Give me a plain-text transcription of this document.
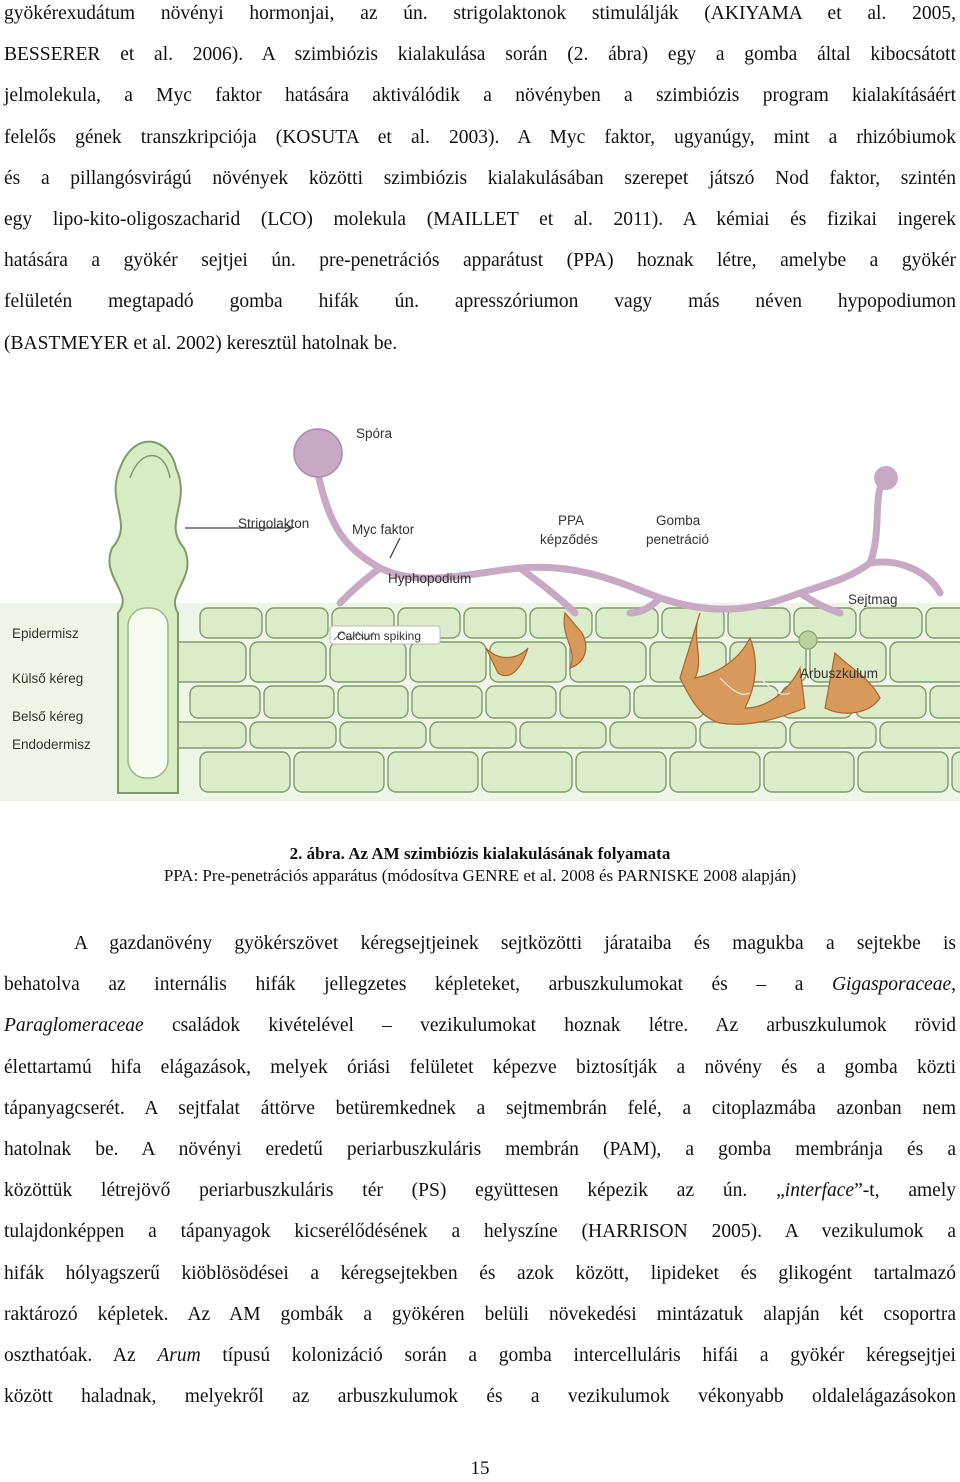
gyökérexudátum növényi hormonjai, az ún. strigolaktonok stimulálják (AKIYAMA et al. 2005,
BESSERER et al. 2006). A szimbiózis kialakulása során (2. ábra) egy a gomba által kibocsátott
jelmolekula, a Myc faktor hatására aktiválódik a növényben a szimbiózis program kialakításáért
felelős gének transzkripciója (KOSUTA et al. 2003). A Myc faktor, ugyanúgy, mint a rhizóbiumok
és a pillangósvirágú növények közötti szimbiózis kialakulásában szerepet játszó Nod faktor, szintén
egy lipo-kito-oligoszacharid (LCO) molekula (MAILLET et al. 2011). A kémiai és fizikai ingerek
hatására a gyökér sejtjei ún. pre-penetrációs apparátust (PPA) hoznak létre, amelybe a gyökér
felületén megtapadó gomba hifák ún. apresszóriumon vagy más néven hypopodiumon
(BASTMEYER et al. 2002) keresztül hatolnak be.
Spóra
Strigolakton	Myc faktor
PPA
képződés
Gomba
penetráció
Hyphopodium
Sejtmag
Calcium spiking
Arbuszkulum
Epidermisz
Külső kéreg
Belső kéreg
Endodermisz
2. ábra. Az AM szimbiózis kialakulásának folyamata
PPA: Pre-penetrációs apparátus (módosítva GENRE et al. 2008 és PARNISKE 2008 alapján)
A gazdanövény gyökérszövet kéregsejtjeinek sejtközötti járataiba és magukba a sejtekbe is
behatolva az internális hifák jellegzetes képleteket, arbuszkulumokat és – a Gigasporaceae,
Paraglomeraceae családok kivételével – vezikulumokat hoznak létre. Az arbuszkulumok rövid
élettartamú hifa elágazások, melyek óriási felületet képezve biztosítják a növény és a gomba közti
tápanyagcserét. A sejtfalat áttörve betüremkednek a sejtmembrán felé, a citoplazmába azonban nem
hatolnak be. A növényi eredetű periarbuszkuláris membrán (PAM), a gomba membránja és a
közöttük létrejövő periarbuszkuláris tér (PS) együttesen képezik az ún. „interface”-t, amely
tulajdonképpen a tápanyagok kicserélődésének a helyszíne (HARRISON 2005). A vezikulumok a
hifák hólyagszerű kiöblösödései a kéregsejtekben és azok között, lipideket és glikogént tartalmazó
raktározó képletek. Az AM gombák a gyökéren belüli növekedési mintázatuk alapján két csoportra
oszthatóak. Az Arum típusú kolonizáció során a gomba intercelluláris hifái a gyökér kéregsejtjei
között haladnak, melyekről az arbuszkulumok és a vezikulumok vékonyabb oldalelágazásokon
15
